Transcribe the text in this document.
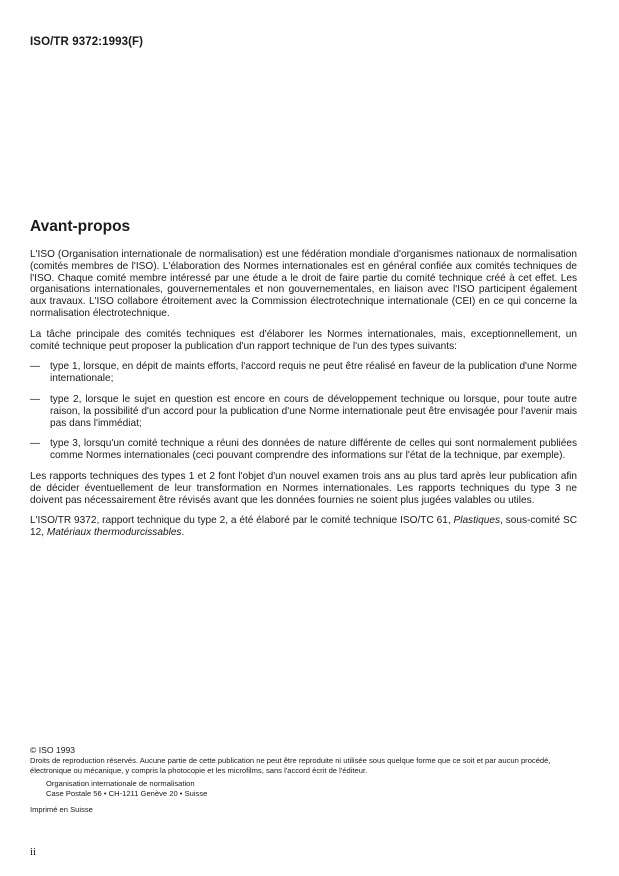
ISO/TR 9372:1993(F)
Avant-propos

L'ISO (Organisation internationale de normalisation) est une fédération mondiale d'organismes nationaux de normalisation (comités membres de l'ISO). L'élaboration des Normes internationales est en général confiée aux comités techniques de l'ISO. Chaque comité membre intéressé par une étude a le droit de faire partie du comité technique créé à cet effet. Les organisations internationales, gouvernementales et non gouvernementales, en liaison avec l'ISO participent également aux travaux. L'ISO collabore étroitement avec la Commission électrotechnique internationale (CEI) en ce qui concerne la normalisation électrotechnique.

La tâche principale des comités techniques est d'élaborer les Normes internationales, mais, exceptionnellement, un comité technique peut proposer la publication d'un rapport technique de l'un des types suivants:

— type 1, lorsque, en dépit de maints efforts, l'accord requis ne peut être réalisé en faveur de la publication d'une Norme internationale;
— type 2, lorsque le sujet en question est encore en cours de développement technique ou lorsque, pour toute autre raison, la possibilité d'un accord pour la publication d'une Norme internationale peut être envisagée pour l'avenir mais pas dans l'immédiat;
— type 3, lorsqu'un comité technique a réuni des données de nature différente de celles qui sont normalement publiées comme Normes internationales (ceci pouvant comprendre des informations sur l'état de la technique, par exemple).

Les rapports techniques des types 1 et 2 font l'objet d'un nouvel examen trois ans au plus tard après leur publication afin de décider éventuellement de leur transformation en Normes internationales. Les rapports techniques du type 3 ne doivent pas nécessairement être révisés avant que les données fournies ne soient plus jugées valables ou utiles.

L'ISO/TR 9372, rapport technique du type 2, a été élaboré par le comité technique ISO/TC 61, Plastiques, sous-comité SC 12, Matériaux thermodurcissables.

© ISO 1993
Droits de reproduction réservés. Aucune partie de cette publication ne peut être reproduite ni utilisée sous quelque forme que ce soit et par aucun procédé, électronique ou mécanique, y compris la photocopie et les microfilms, sans l'accord écrit de l'éditeur.
Organisation internationale de normalisation
Case Postale 56 • CH-1211 Genève 20 • Suisse
Imprimé en Suisse
ii
